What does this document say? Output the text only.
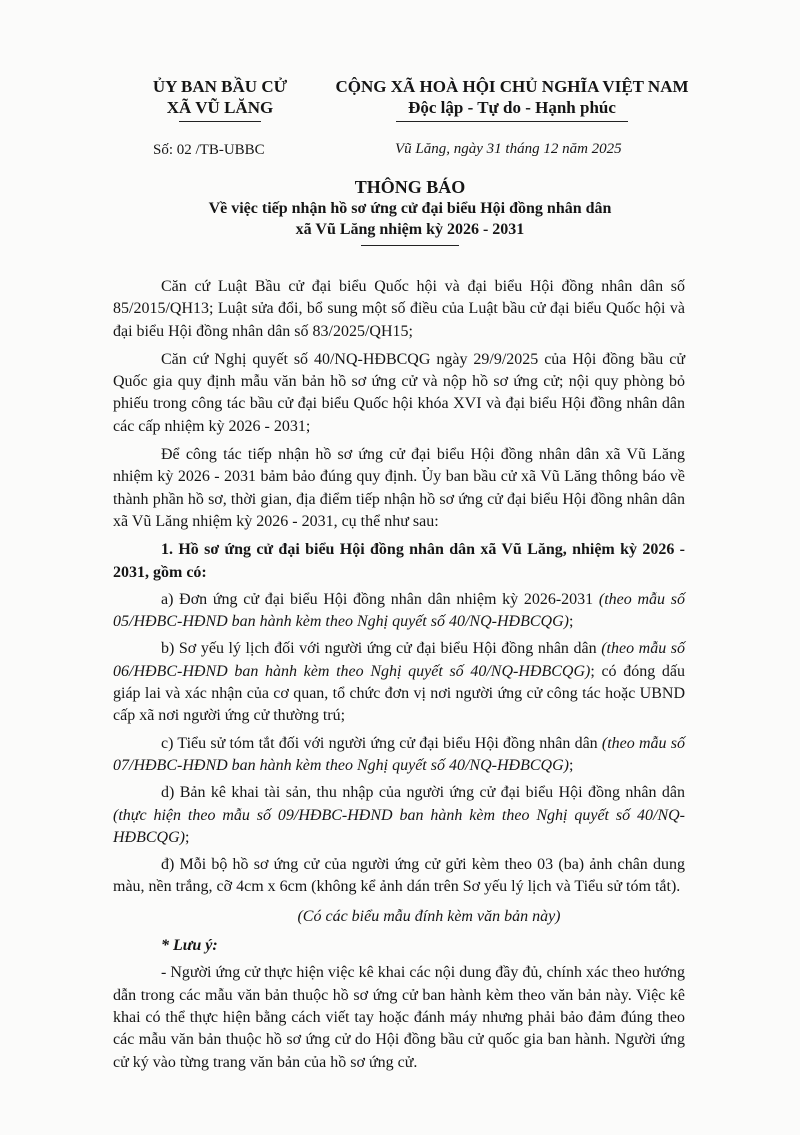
ỦY BAN BẦU CỬ
XÃ VŨ LĂNG
CỘNG XÃ HOÀ HỘI CHỦ NGHĨA VIỆT NAM
Độc lập - Tự do - Hạnh phúc
Số: 02 /TB-UBBC	Vũ Lăng, ngày 31 tháng 12 năm 2025
THÔNG BÁO
Về việc tiếp nhận hồ sơ ứng cử đại biểu Hội đồng nhân dân
xã Vũ Lăng nhiệm kỳ 2026 - 2031

Căn cứ Luật Bầu cử đại biểu Quốc hội và đại biểu Hội đồng nhân dân số 85/2015/QH13; Luật sửa đổi, bổ sung một số điều của Luật bầu cử đại biểu Quốc hội và đại biểu Hội đồng nhân dân số 83/2025/QH15;

Căn cứ Nghị quyết số 40/NQ-HĐBCQG ngày 29/9/2025 của Hội đồng bầu cử Quốc gia quy định mẫu văn bản hồ sơ ứng cử và nộp hồ sơ ứng cử; nội quy phòng bỏ phiếu trong công tác bầu cử đại biểu Quốc hội khóa XVI và đại biểu Hội đồng nhân dân các cấp nhiệm kỳ 2026 - 2031;

Để công tác tiếp nhận hồ sơ ứng cử đại biểu Hội đồng nhân dân xã Vũ Lăng nhiệm kỳ 2026 - 2031 bảm bảo đúng quy định. Ủy ban bầu cử xã Vũ Lăng thông báo về thành phần hồ sơ, thời gian, địa điểm tiếp nhận hồ sơ ứng cử đại biểu Hội đồng nhân dân xã Vũ Lăng nhiệm kỳ 2026 - 2031, cụ thể như sau:

1. Hồ sơ ứng cử đại biểu Hội đồng nhân dân xã Vũ Lăng, nhiệm kỳ 2026 - 2031, gồm có:

a) Đơn ứng cử đại biểu Hội đồng nhân dân nhiệm kỳ 2026-2031 (theo mẫu số 05/HĐBC-HĐND ban hành kèm theo Nghị quyết số 40/NQ-HĐBCQG);

b) Sơ yếu lý lịch đối với người ứng cử đại biểu Hội đồng nhân dân (theo mẫu số 06/HĐBC-HĐND ban hành kèm theo Nghị quyết số 40/NQ-HĐBCQG); có đóng dấu giáp lai và xác nhận của cơ quan, tổ chức đơn vị nơi người ứng cử công tác hoặc UBND cấp xã nơi người ứng cử thường trú;

c) Tiểu sử tóm tắt đối với người ứng cử đại biểu Hội đồng nhân dân (theo mẫu số 07/HĐBC-HĐND ban hành kèm theo Nghị quyết số 40/NQ-HĐBCQG);

d) Bản kê khai tài sản, thu nhập của người ứng cử đại biểu Hội đồng nhân dân (thực hiện theo mẫu số 09/HĐBC-HĐND ban hành kèm theo Nghị quyết số 40/NQ-HĐBCQG);

đ) Mỗi bộ hồ sơ ứng cử của người ứng cử gửi kèm theo 03 (ba) ảnh chân dung màu, nền trắng, cỡ 4cm x 6cm (không kể ảnh dán trên Sơ yếu lý lịch và Tiểu sử tóm tắt).

(Có các biểu mẫu đính kèm văn bản này)

* Lưu ý:

- Người ứng cử thực hiện việc kê khai các nội dung đầy đủ, chính xác theo hướng dẫn trong các mẫu văn bản thuộc hồ sơ ứng cử ban hành kèm theo văn bản này. Việc kê khai có thể thực hiện bằng cách viết tay hoặc đánh máy nhưng phải bảo đảm đúng theo các mẫu văn bản thuộc hồ sơ ứng cử do Hội đồng bầu cử quốc gia ban hành. Người ứng cử ký vào từng trang văn bản của hồ sơ ứng cử.
